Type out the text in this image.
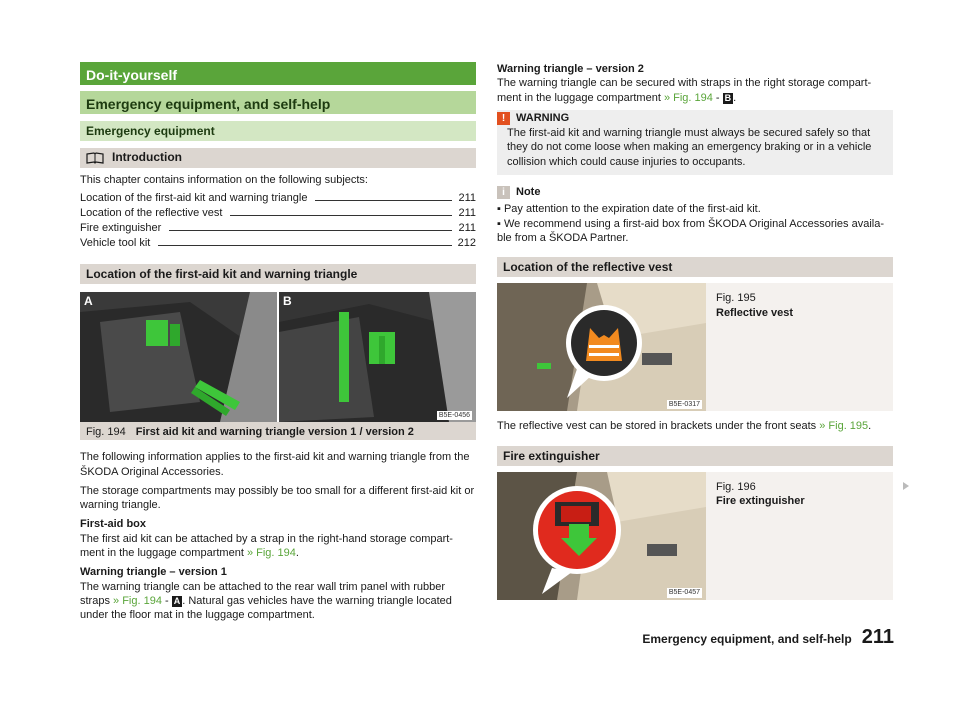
Do-it-yourself
Emergency equipment, and self-help
Emergency equipment
Introduction

This chapter contains information on the following subjects:

Location of the first-aid kit and warning triangle	211
Location of the reflective vest	211
Fire extinguisher	211
Vehicle tool kit	212
Location of the first-aid kit and warning triangle
A	B
B5E-0456
Fig. 194 First aid kit and warning triangle version 1 / version 2

The following information applies to the first-aid kit and warning triangle from the ŠKODA Original Accessories.

The storage compartments may possibly be too small for a different first-aid kit or warning triangle.

First-aid box

The first aid kit can be attached by a strap in the right-hand storage compart-ment in the luggage compartment » Fig. 194.

Warning triangle – version 1

The warning triangle can be attached to the rear wall trim panel with rubber straps » Fig. 194 - A . Natural gas vehicles have the warning triangle located under the floor mat in the luggage compartment.

Warning triangle – version 2

The warning triangle can be secured with straps in the right storage compart-ment in the luggage compartment » Fig. 194 - B .

! WARNING

The first-aid kit and warning triangle must always be secured safely so that they do not come loose when making an emergency braking or in a vehicle collision which could cause injuries to occupants.

i	Note

▪ Pay attention to the expiration date of the first-aid kit.

▪ We recommend using a first-aid box from ŠKODA Original Accessories availa-ble from a ŠKODA Partner.

Location of the reflective vest
B5E-0317

Fig. 195

Reflective vest

The reflective vest can be stored in brackets under the front seats » Fig. 195.

Fire extinguisher
B5E-0457

Fig. 196

Fire extinguisher

Emergency equipment, and self-help 211
